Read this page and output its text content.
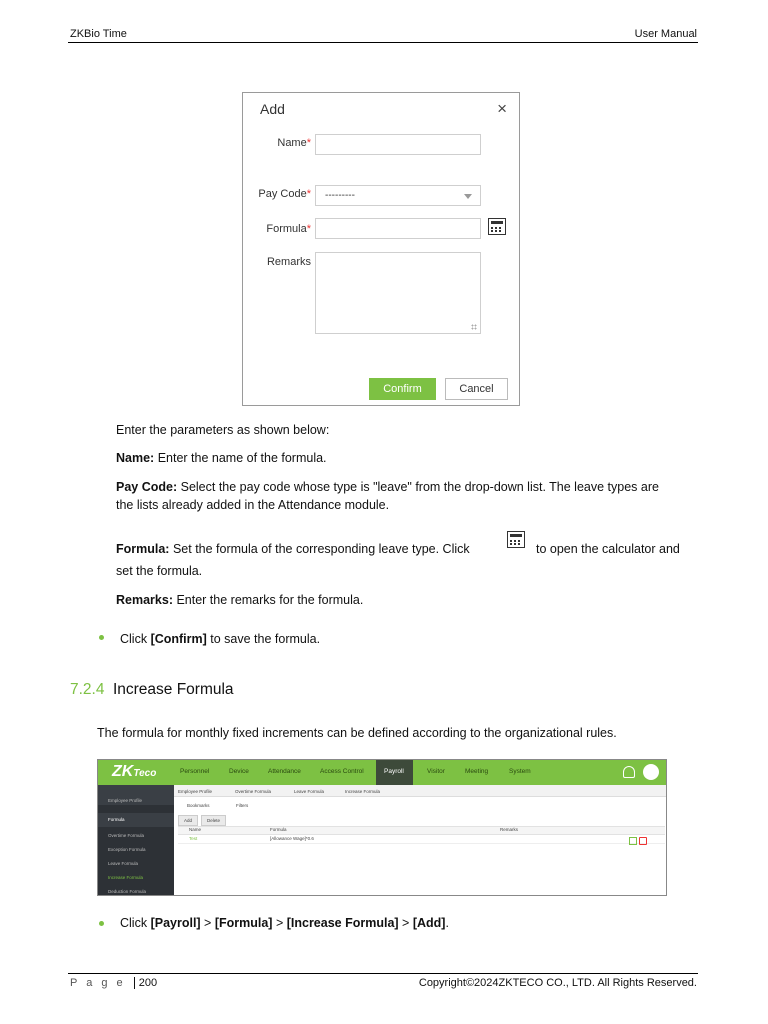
ZKBio Time	User Manual
Add	×
Name*
Pay Code*	---------
Formula*
Remarks
Confirm	Cancel
Enter the parameters as shown below:
Name: Enter the name of the formula.
Pay Code: Select the pay code whose type is "leave" from the drop-down list. The leave types are
the lists already added in the Attendance module.
Formula: Set the formula of the corresponding leave type. Click	to open the calculator and
set the formula.
Remarks: Enter the remarks for the formula.
Click [Confirm] to save the formula.
7.2.4 Increase Formula
The formula for monthly fixed increments can be defined according to the organizational rules.
ZKTeco	Personnel	Device	Attendance	Access Control	Payroll	Visitor	Meeting	System
Employee Profile
Formula
Overtime Formula
Exception Formula
Leave Formula
Increase Formula
Deduction Formula
Employee Profile	Overtime Formula	Leave Formula	Increase Formula
Bookmarks	Filters
Add	Delete
Name	Formula	Remarks
Test	[Allowance Wage]*0.6
Click [Payroll] > [Formula] > [Increase Formula] > [Add].
P a g e 200	Copyright©2024ZKTECO CO., LTD. All Rights Reserved.
